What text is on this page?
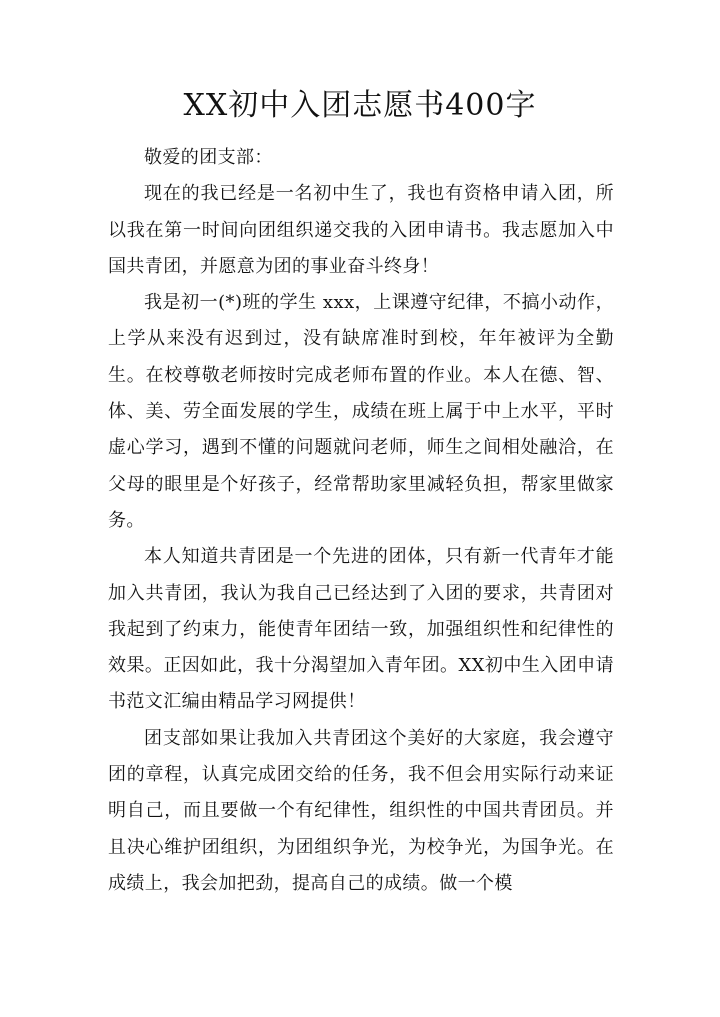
XX初中入团志愿书400字

敬爱的团支部：

现在的我已经是一名初中生了，我也有资格申请入团，所以我在第一时间向团组织递交我的入团申请书。我志愿加入中国共青团，并愿意为团的事业奋斗终身！

我是初一(*)班的学生 xxx，上课遵守纪律，不搞小动作，上学从来没有迟到过，没有缺席准时到校，年年被评为全勤生。在校尊敬老师按时完成老师布置的作业。本人在德、智、体、美、劳全面发展的学生，成绩在班上属于中上水平，平时虚心学习，遇到不懂的问题就问老师，师生之间相处融洽，在父母的眼里是个好孩子，经常帮助家里减轻负担，帮家里做家务。

本人知道共青团是一个先进的团体，只有新一代青年才能加入共青团，我认为我自己已经达到了入团的要求，共青团对我起到了约束力，能使青年团结一致，加强组织性和纪律性的效果。正因如此，我十分渴望加入青年团。XX初中生入团申请书范文汇编由精品学习网提供！

团支部如果让我加入共青团这个美好的大家庭，我会遵守团的章程，认真完成团交给的任务，我不但会用实际行动来证明自己，而且要做一个有纪律性，组织性的中国共青团员。并且决心维护团组织，为团组织争光，为校争光，为国争光。在成绩上，我会加把劲，提高自己的成绩。做一个模
